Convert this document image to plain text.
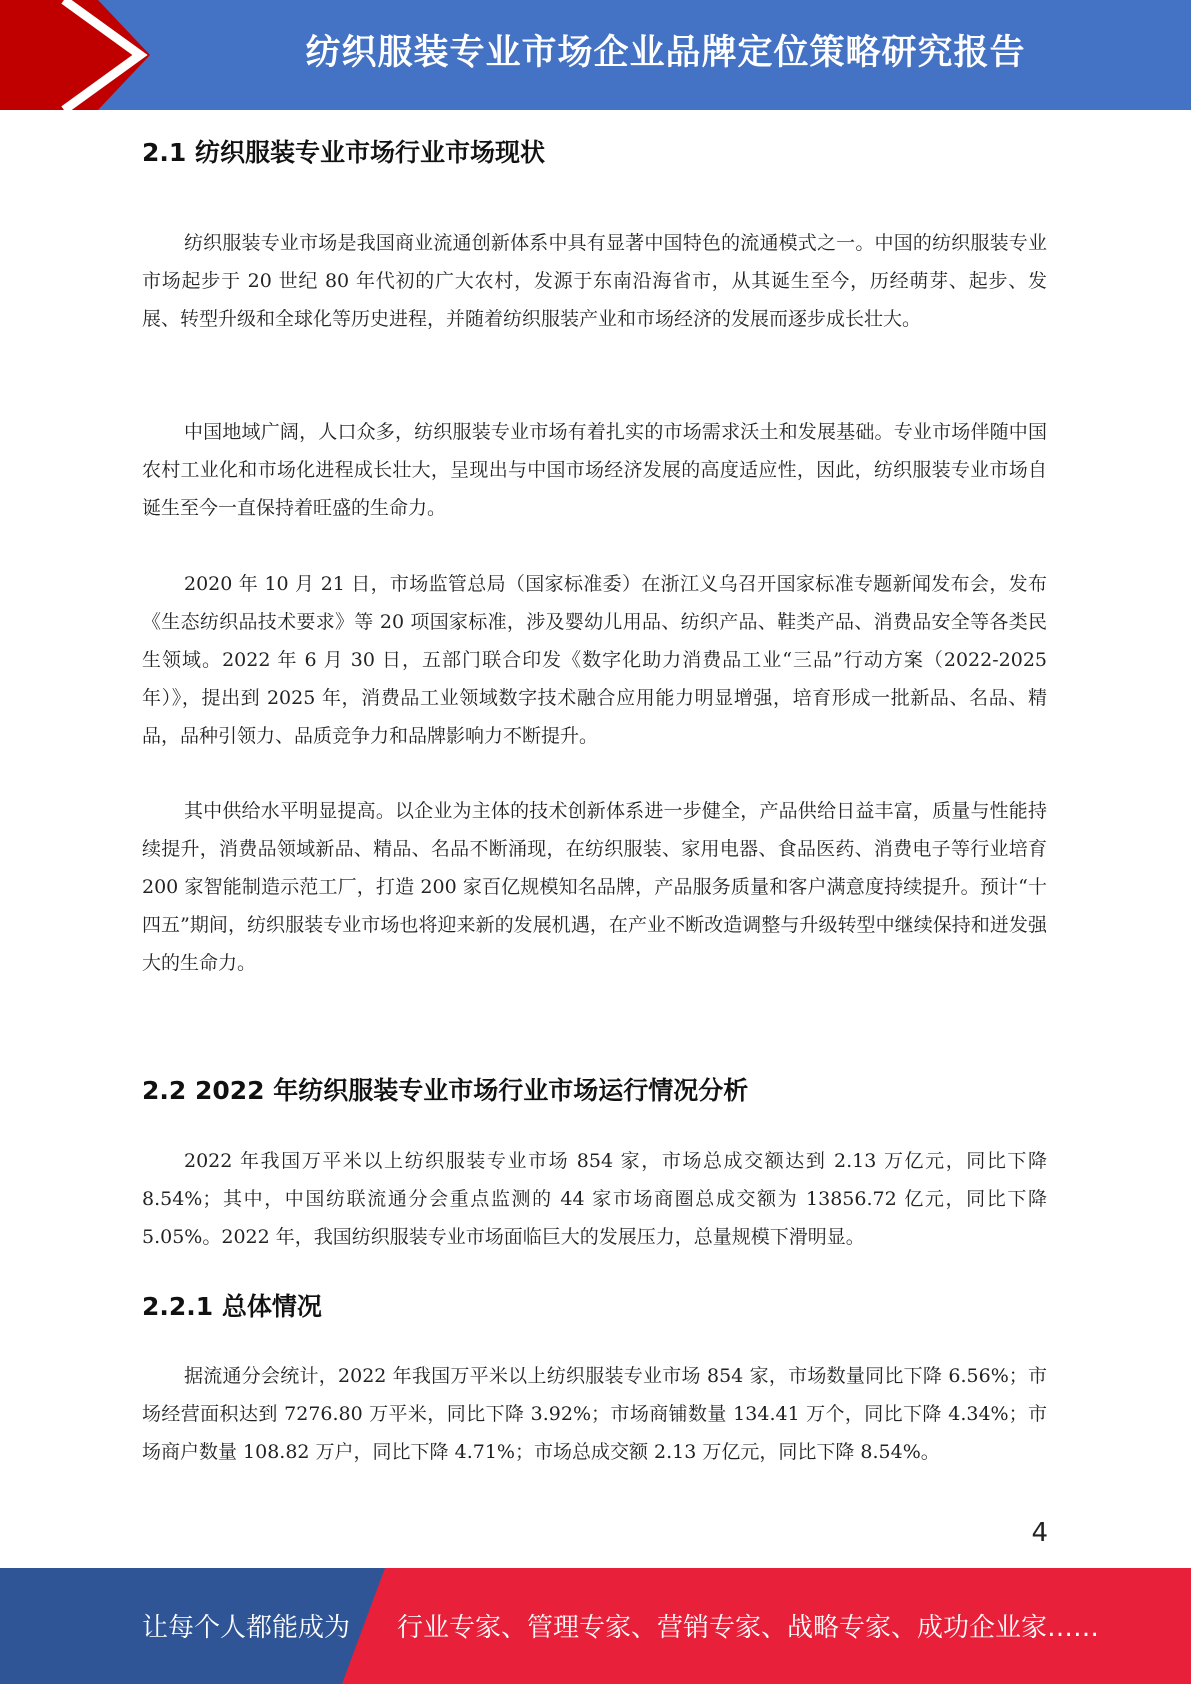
纺织服装专业市场企业品牌定位策略研究报告
2.1 纺织服装专业市场行业市场现状

纺织服装专业市场是我国商业流通创新体系中具有显著中国特色的流通模式之一。中国的纺织服装专业市场起步于 20 世纪 80 年代初的广大农村，发源于东南沿海省市，从其诞生至今，历经萌芽、起步、发展、转型升级和全球化等历史进程，并随着纺织服装产业和市场经济的发展而逐步成长壮大。

中国地域广阔，人口众多，纺织服装专业市场有着扎实的市场需求沃土和发展基础。专业市场伴随中国农村工业化和市场化进程成长壮大，呈现出与中国市场经济发展的高度适应性，因此，纺织服装专业市场自诞生至今一直保持着旺盛的生命力。

2020 年 10 月 21 日，市场监管总局（国家标准委）在浙江义乌召开国家标准专题新闻发布会，发布《生态纺织品技术要求》等 20 项国家标准，涉及婴幼儿用品、纺织产品、鞋类产品、消费品安全等各类民生领域。2022 年 6 月 30 日，五部门联合印发《数字化助力消费品工业“三品”行动方案（2022-2025 年）》，提出到 2025 年，消费品工业领域数字技术融合应用能力明显增强，培育形成一批新品、名品、精品，品种引领力、品质竞争力和品牌影响力不断提升。

其中供给水平明显提高。以企业为主体的技术创新体系进一步健全，产品供给日益丰富，质量与性能持续提升，消费品领域新品、精品、名品不断涌现，在纺织服装、家用电器、食品医药、消费电子等行业培育 200 家智能制造示范工厂，打造 200 家百亿规模知名品牌，产品服务质量和客户满意度持续提升。预计“十四五”期间，纺织服装专业市场也将迎来新的发展机遇，在产业不断改造调整与升级转型中继续保持和迸发强大的生命力。

2.2 2022 年纺织服装专业市场行业市场运行情况分析

2022 年我国万平米以上纺织服装专业市场 854 家，市场总成交额达到 2.13 万亿元，同比下降 8.54%；其中，中国纺联流通分会重点监测的 44 家市场商圈总成交额为 13856.72 亿元，同比下降 5.05%。2022 年，我国纺织服装专业市场面临巨大的发展压力，总量规模下滑明显。

2.2.1 总体情况

据流通分会统计，2022 年我国万平米以上纺织服装专业市场 854 家，市场数量同比下降 6.56%；市场经营面积达到 7276.80 万平米，同比下降 3.92%；市场商铺数量 134.41 万个，同比下降 4.34%；市场商户数量 108.82 万户，同比下降 4.71%；市场总成交额 2.13 万亿元，同比下降 8.54%。

4
让每个人都能成为 行业专家、管理专家、营销专家、战略专家、成功企业家……
